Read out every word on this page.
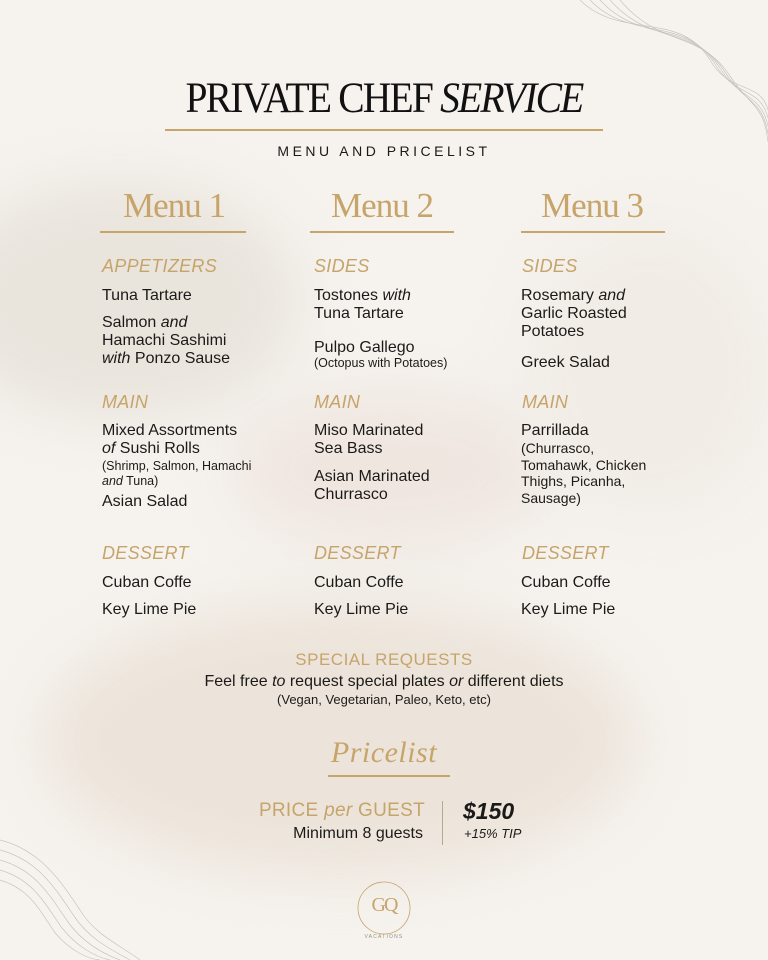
PRIVATE CHEF SERVICE
MENU AND PRICELIST
Menu 1
APPETIZERS
Tuna Tartare
Salmon and
Hamachi Sashimi
with Ponzo Sause
MAIN
Mixed Assortments
of Sushi Rolls
(Shrimp, Salmon, Hamachi
and Tuna)
Asian Salad
DESSERT
Cuban Coffe
Key Lime Pie
Menu 2
SIDES
Tostones with
Tuna Tartare
Pulpo Gallego
(Octopus with Potatoes)
MAIN
Miso Marinated
Sea Bass
Asian Marinated
Churrasco
DESSERT
Cuban Coffe
Key Lime Pie
Menu 3
SIDES
Rosemary and
Garlic Roasted
Potatoes
Greek Salad
MAIN
Parrillada
(Churrasco,
Tomahawk, Chicken
Thighs, Picanha,
Sausage)
DESSERT
Cuban Coffe
Key Lime Pie
SPECIAL REQUESTS
Feel free to request special plates or different diets
(Vegan, Vegetarian, Paleo, Keto, etc)
Pricelist
PRICE per GUEST
Minimum 8 guests
$150
+15% TIP
GQ
VACATIONS
